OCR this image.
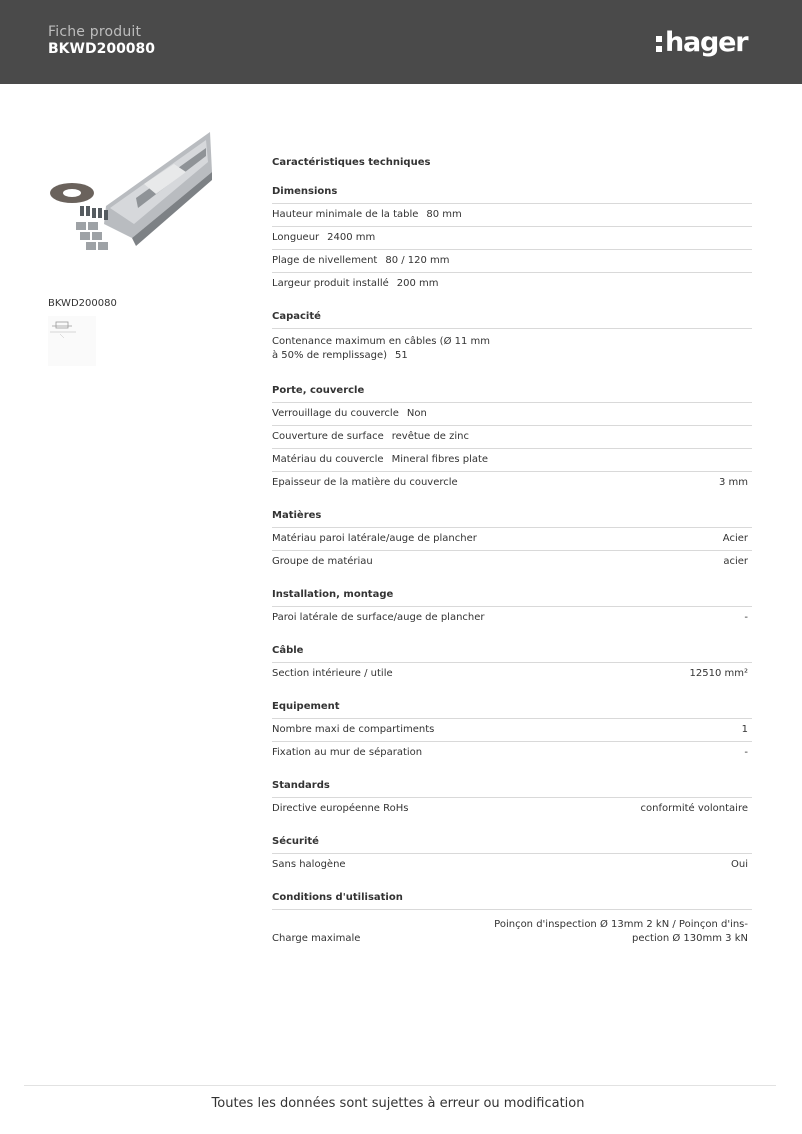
Fiche produit
BKWD200080	hager
BKWD200080
Caractéristiques techniques
Dimensions
Hauteur minimale de la table 80 mm
Longueur 2400 mm
Plage de nivellement 80 / 120 mm
Largeur produit installé 200 mm
Capacité
Contenance maximum en câbles (Ø 11 mm à 50% de remplissage) 51
Porte, couvercle
Verrouillage du couvercle Non
Couverture de surface revêtue de zinc
Matériau du couvercle Mineral fibres plate
Epaisseur de la matière du couvercle	3 mm
Matières
Matériau paroi latérale/auge de plancher	Acier
Groupe de matériau	acier
Installation, montage
Paroi latérale de surface/auge de plancher	-
Câble
Section intérieure / utile	12510 mm²
Equipement
Nombre maxi de compartiments	1
Fixation au mur de séparation	-
Standards
Directive européenne RoHs	conformité volontaire
Sécurité
Sans halogène	Oui
Conditions d'utilisation
Charge maximale
Poinçon d'inspection Ø 13mm 2 kN / Poinçon d'ins-pection Ø 130mm 3 kN
Toutes les données sont sujettes à erreur ou modification
